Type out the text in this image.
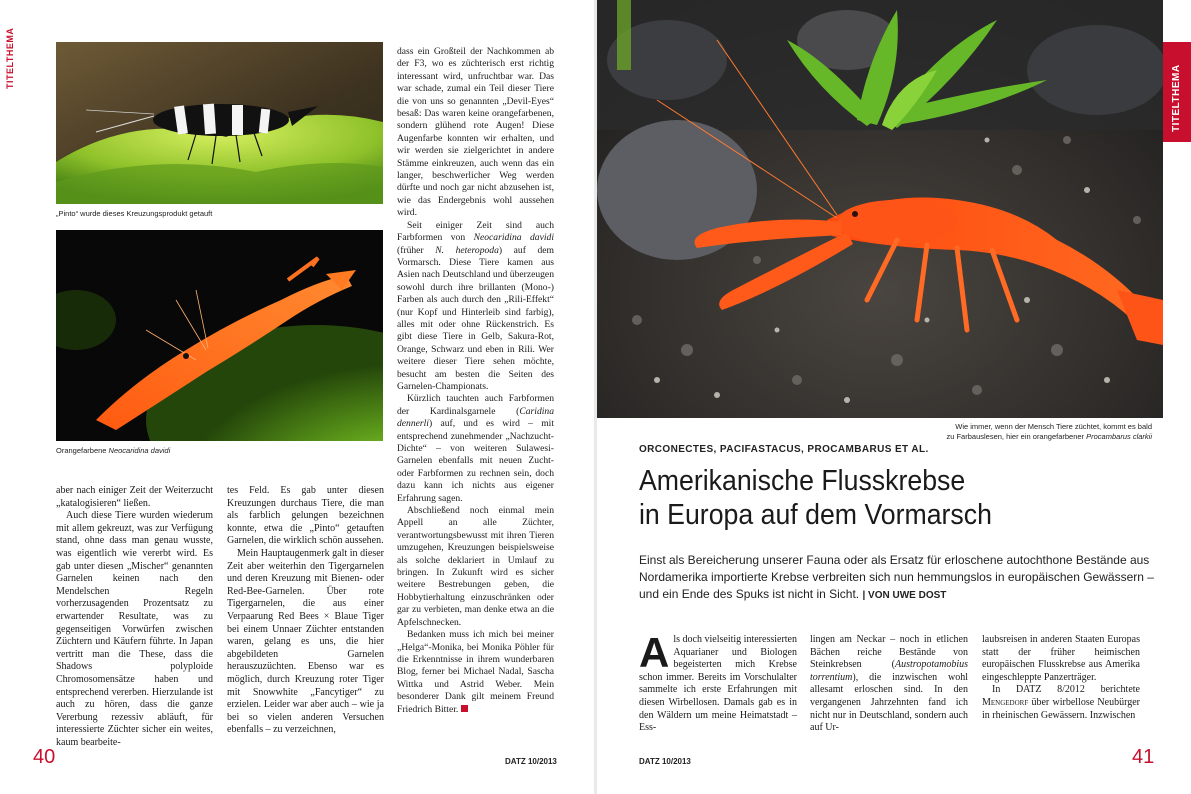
TITELTHEMA
„Pinto“ wurde dieses Kreuzungsprodukt getauft
Orangefarbene Neocaridina davidi

aber nach einiger Zeit der Weiterzucht „katalogisieren“ ließen.

Auch diese Tiere wurden wiederum mit allem gekreuzt, was zur Verfügung stand, ohne dass man genau wusste, was eigentlich wie vererbt wird. Es gab unter diesen „Mischer“ genannten Garnelen keinen nach den Mendelschen Regeln vorherzusagenden Prozentsatz zu erwartender Resultate, was zu gegenseitigen Vorwürfen zwischen Züchtern und Käufern führte. In Japan vertritt man die These, dass die Shadows polyploide Chromosomensätze haben und entsprechend vererben. Hierzulande ist auch zu hören, dass die ganze Vererbung rezessiv abläuft, für interessierte Züchter sicher ein weites, kaum bearbeite-

tes Feld. Es gab unter diesen Kreuzungen durchaus Tiere, die man als farblich gelungen bezeichnen konnte, etwa die „Pinto“ getauften Garnelen, die wirklich schön aussehen.

Mein Hauptaugenmerk galt in dieser Zeit aber weiterhin den Tigergarnelen und deren Kreuzung mit Bienen- oder Red-Bee-Garnelen. Über rote Tigergarnelen, die aus einer Verpaarung Red Bees × Blaue Tiger bei einem Unnaer Züchter entstanden waren, gelang es uns, die hier abgebildeten Garnelen herauszuzüchten. Ebenso war es möglich, durch Kreuzung roter Tiger mit Snowwhite „Fancytiger“ zu erzielen. Leider war aber auch – wie ja bei so vielen anderen Versuchen ebenfalls – zu verzeichnen,

dass ein Großteil der Nachkommen ab der F3, wo es züchterisch erst richtig interessant wird, unfruchtbar war. Das war schade, zumal ein Teil dieser Tiere die von uns so genannten „Devil-Eyes“ besaß: Das waren keine orangefarbenen, sondern glühend rote Augen! Diese Augenfarbe konnten wir erhalten, und wir werden sie zielgerichtet in andere Stämme einkreuzen, auch wenn das ein langer, beschwerlicher Weg werden dürfte und noch gar nicht abzusehen ist, wie das Endergebnis wohl aussehen wird.

Seit einiger Zeit sind auch Farbformen von Neocaridina davidi (früher N. heteropoda) auf dem Vormarsch. Diese Tiere kamen aus Asien nach Deutschland und überzeugen sowohl durch ihre brillanten (Mono-) Farben als auch durch den „Rili-Effekt“ (nur Kopf und Hinterleib sind farbig), alles mit oder ohne Rückenstrich. Es gibt diese Tiere in Gelb, Sakura-Rot, Orange, Schwarz und eben in Rili. Wer weitere dieser Tiere sehen möchte, besucht am besten die Seiten des Garnelen-Championats.

Kürzlich tauchten auch Farbformen der Kardinalsgarnele (Caridina dennerli) auf, und es wird – mit entsprechend zunehmender „Nachzucht-Dichte“ – von weiteren Sulawesi-Garnelen ebenfalls mit neuen Zucht- oder Farbformen zu rechnen sein, doch dazu kann ich nichts aus eigener Erfahrung sagen.

Abschließend noch einmal mein Appell an alle Züchter, verantwortungsbewusst mit ihren Tieren umzugehen, Kreuzungen beispielsweise als solche deklariert in Umlauf zu bringen. In Zukunft wird es sicher weitere Bestrebungen geben, die Hobbytierhaltung einzuschränken oder gar zu verbieten, man denke etwa an die Apfelschnecken.

Bedanken muss ich mich bei meiner „Helga“-Monika, bei Monika Pöhler für die Erkenntnisse in ihrem wunderbaren Blog, ferner bei Michael Nadal, Sascha Wittka und Astrid Weber. Mein besonderer Dank gilt meinem Freund Friedrich Bitter.

40	DATZ 10/2013
TITELTHEMA
Wie immer, wenn der Mensch Tiere züchtet, kommt es bald
zu Farbauslesen, hier ein orangefarbener Procambarus clarkii
ORCONECTES, PACIFASTACUS, PROCAMBARUS ET AL.
Amerikanische Flusskrebse
in Europa auf dem Vormarsch
Einst als Bereicherung unserer Fauna oder als Ersatz für erloschene autochthone Bestände aus Nordamerika importierte Krebse verbreiten sich nun hemmungslos in europäischen Gewässern – und ein Ende des Spuks ist nicht in Sicht. | VON UWE DOST

Als doch vielseitig interessierten Aquarianer und Biologen begeisterten mich Krebse schon immer. Bereits im Vorschulalter sammelte ich erste Erfahrungen mit diesen Wirbellosen. Damals gab es in den Wäldern um meine Heimatstadt – Ess-

lingen am Neckar – noch in etlichen Bächen reiche Bestände von Steinkrebsen (Austropotamobius torrentium), die inzwischen wohl allesamt erloschen sind. In den vergangenen Jahrzehnten fand ich nicht nur in Deutschland, sondern auch auf Ur-

laubsreisen in anderen Staaten Europas statt der früher heimischen europäischen Flusskrebse aus Amerika eingeschleppte Panzerträger.

In DATZ 8/2012 berichtete Mengedorf über wirbellose Neubürger in rheinischen Gewässern. Inzwischen

DATZ 10/2013	41
